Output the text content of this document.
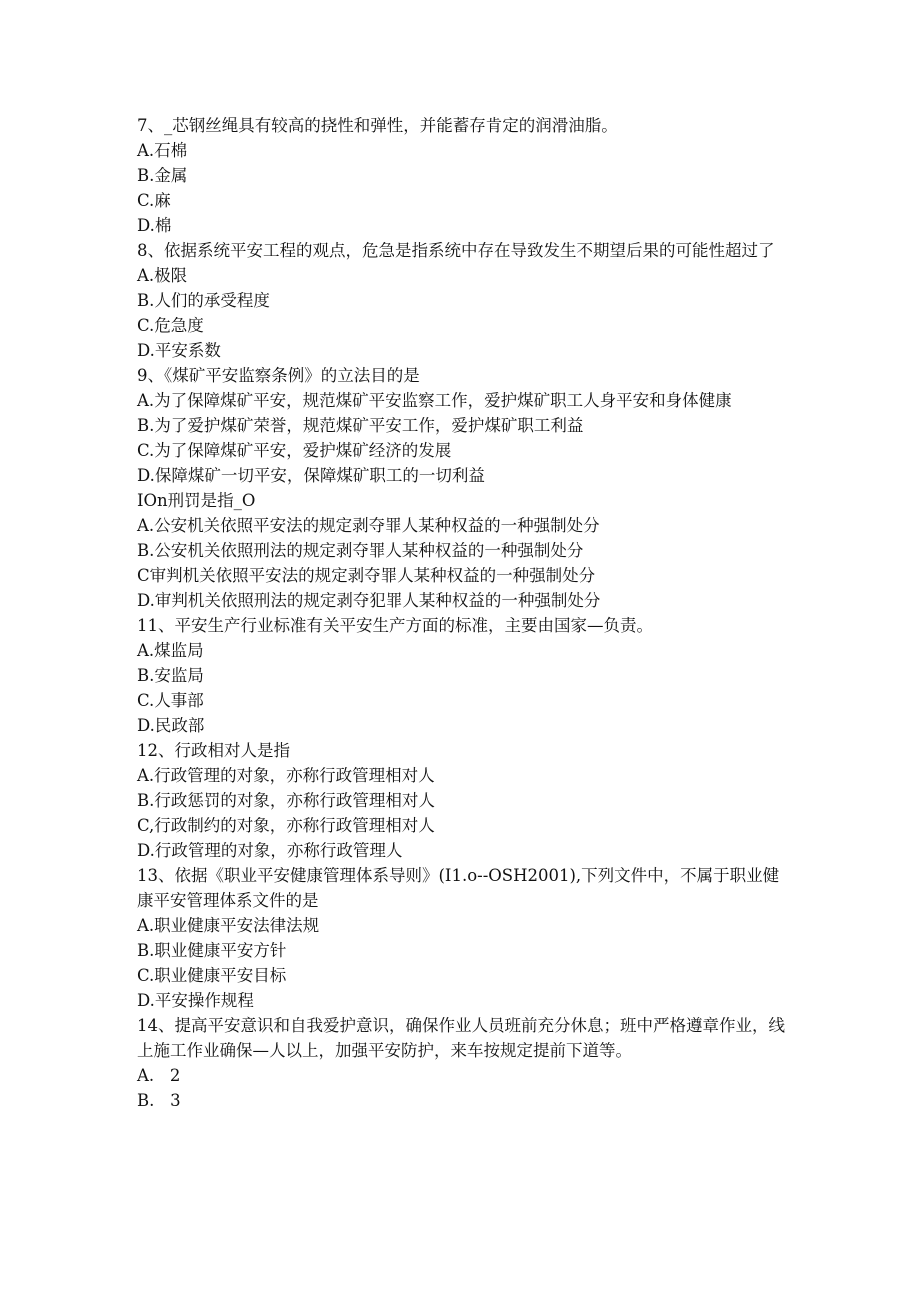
7、_芯钢丝绳具有较高的挠性和弹性，并能蓄存肯定的润滑油脂。
A.石棉
B.金属
C.麻
D.棉
8、依据系统平安工程的观点，危急是指系统中存在导致发生不期望后果的可能性超过了
A.极限
B.人们的承受程度
C.危急度
D.平安系数
9、《煤矿平安监察条例》的立法目的是
A.为了保障煤矿平安，规范煤矿平安监察工作，爱护煤矿职工人身平安和身体健康
B.为了爱护煤矿荣誉，规范煤矿平安工作，爱护煤矿职工利益
C.为了保障煤矿平安，爱护煤矿经济的发展
D.保障煤矿一切平安，保障煤矿职工的一切利益
IOn刑罚是指_O
A.公安机关依照平安法的规定剥夺罪人某种权益的一种强制处分
B.公安机关依照刑法的规定剥夺罪人某种权益的一种强制处分
C审判机关依照平安法的规定剥夺罪人某种权益的一种强制处分
D.审判机关依照刑法的规定剥夺犯罪人某种权益的一种强制处分
11、平安生产行业标准有关平安生产方面的标准，主要由国家—负责。
A.煤监局
B.安监局
C.人事部
D.民政部
12、行政相对人是指
A.行政管理的对象，亦称行政管理相对人
B.行政惩罚的对象，亦称行政管理相对人
C,行政制约的对象，亦称行政管理相对人
D.行政管理的对象，亦称行政管理人
13、依据《职业平安健康管理体系导则》(I1.o--OSH2001),下列文件中，不属于职业健康平安管理体系文件的是
A.职业健康平安法律法规
B.职业健康平安方针
C.职业健康平安目标
D.平安操作规程
14、提高平安意识和自我爱护意识，确保作业人员班前充分休息；班中严格遵章作业，线上施工作业确保—人以上，加强平安防护，来车按规定提前下道等。
A.   2
B.   3
